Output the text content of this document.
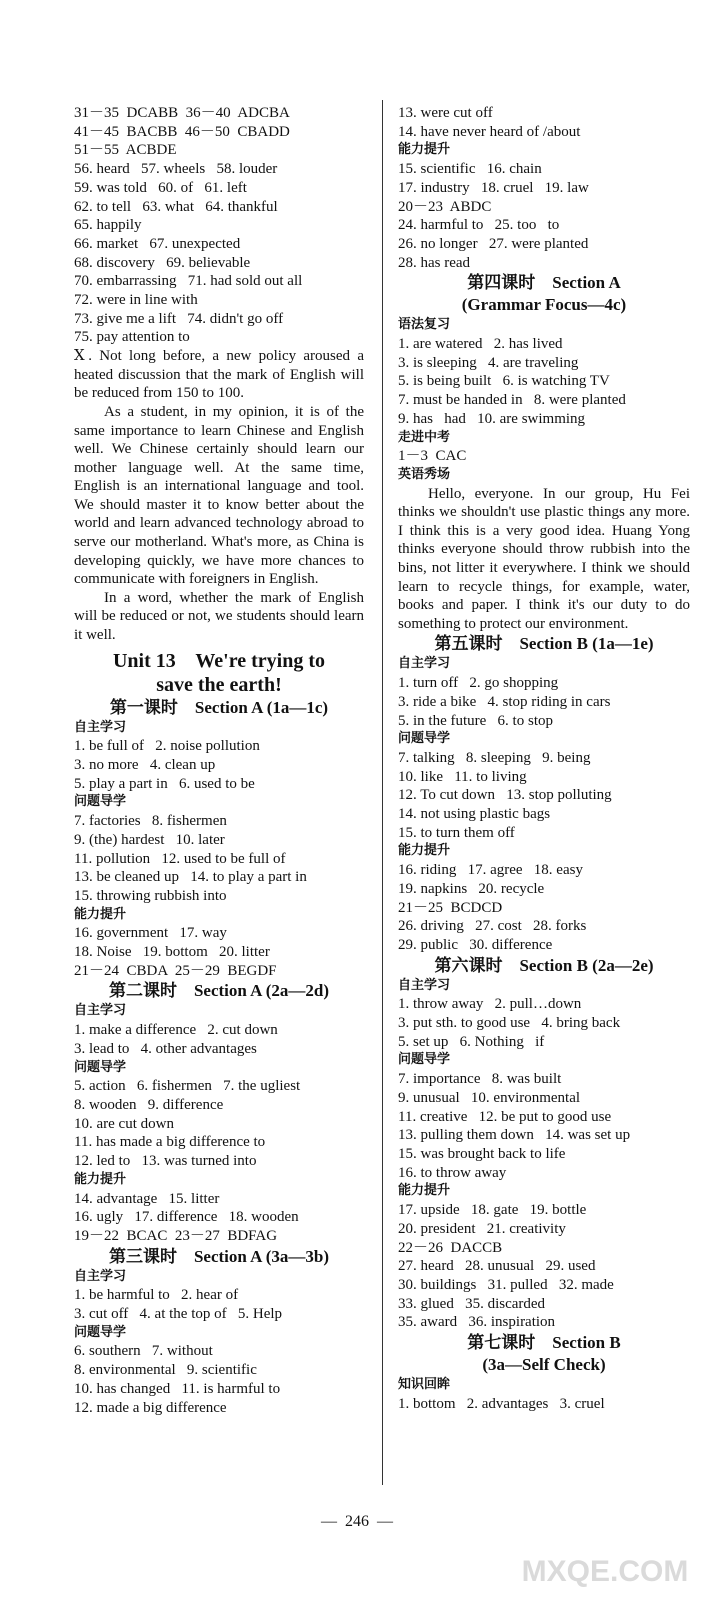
31－35  DCABB  36－40  ADCBA
41－45  BACBB  46－50  CBADD
51－55  ACBDE
56. heard   57. wheels   58. louder
59. was told   60. of   61. left
62. to tell   63. what   64. thankful
65. happily
66. market   67. unexpected
68. discovery   69. believable
70. embarrassing   71. had sold out all
72. were in line with
73. give me a lift   74. didn't go off
75. pay attention to

Ⅹ. Not long before, a new policy aroused a heated discussion that the mark of English will be reduced from 150 to 100.

As a student, in my opinion, it is of the same importance to learn Chinese and English well. We Chinese certainly should learn our mother language well. At the same time, English is an international language and tool. We should master it to know better about the world and learn advanced technology abroad to serve our motherland. What's more, as China is developing quickly, we have more chances to communicate with foreigners in English.

In a word, whether the mark of English will be reduced or not, we students should learn it well.

Unit 13    We're trying to
save the earth!
第一课时    Section A (1a—1c)
自主学习
1. be full of   2. noise pollution
3. no more   4. clean up
5. play a part in   6. used to be
问题导学
7. factories   8. fishermen
9. (the) hardest   10. later
11. pollution   12. used to be full of
13. be cleaned up   14. to play a part in
15. throwing rubbish into
能力提升
16. government   17. way
18. Noise   19. bottom   20. litter
21－24  CBDA  25－29  BEGDF
第二课时    Section A (2a—2d)
自主学习
1. make a difference   2. cut down
3. lead to   4. other advantages
问题导学
5. action   6. fishermen   7. the ugliest
8. wooden   9. difference
10. are cut down
11. has made a big difference to
12. led to   13. was turned into
能力提升
14. advantage   15. litter
16. ugly   17. difference   18. wooden
19－22  BCAC  23－27  BDFAG
第三课时    Section A (3a—3b)
自主学习
1. be harmful to   2. hear of
3. cut off   4. at the top of   5. Help
问题导学
6. southern   7. without
8. environmental   9. scientific
10. has changed   11. is harmful to
12. made a big difference
13. were cut off
14. have never heard of /about
能力提升
15. scientific   16. chain
17. industry   18. cruel   19. law
20－23  ABDC
24. harmful to   25. too   to
26. no longer   27. were planted
28. has read
第四课时    Section A
(Grammar Focus—4c)
语法复习
1. are watered   2. has lived
3. is sleeping   4. are traveling
5. is being built   6. is watching TV
7. must be handed in   8. were planted
9. has   had   10. are swimming
走进中考
1－3  CAC
英语秀场

Hello, everyone. In our group, Hu Fei thinks we shouldn't use plastic things any more. I think this is a very good idea. Huang Yong thinks everyone should throw rubbish into the bins, not litter it everywhere. I think we should learn to recycle things, for example, water, books and paper. I think it's our duty to do something to protect our environment.

第五课时    Section B (1a—1e)
自主学习
1. turn off   2. go shopping
3. ride a bike   4. stop riding in cars
5. in the future   6. to stop
问题导学
7. talking   8. sleeping   9. being
10. like   11. to living
12. To cut down   13. stop polluting
14. not using plastic bags
15. to turn them off
能力提升
16. riding   17. agree   18. easy
19. napkins   20. recycle
21－25  BCDCD
26. driving   27. cost   28. forks
29. public   30. difference
第六课时    Section B (2a—2e)
自主学习
1. throw away   2. pull…down
3. put sth. to good use   4. bring back
5. set up   6. Nothing   if
问题导学
7. importance   8. was built
9. unusual   10. environmental
11. creative   12. be put to good use
13. pulling them down   14. was set up
15. was brought back to life
16. to throw away
能力提升
17. upside   18. gate   19. bottle
20. president   21. creativity
22－26  DACCB
27. heard   28. unusual   29. used
30. buildings   31. pulled   32. made
33. glued   35. discarded
35. award   36. inspiration
第七课时    Section B
(3a—Self Check)
知识回眸
1. bottom   2. advantages   3. cruel
—  246  —
MXQE.COM
